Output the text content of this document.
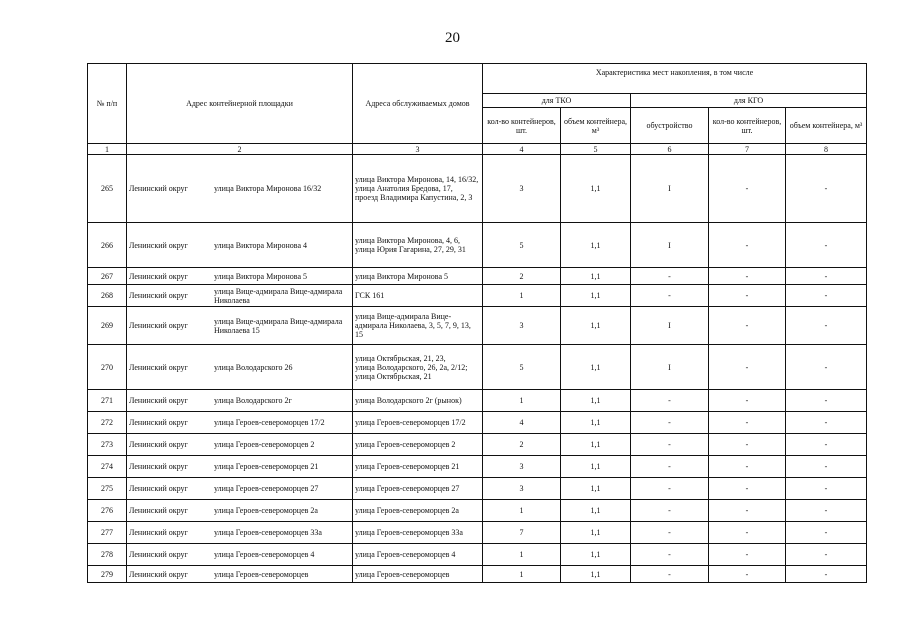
20
№ п/п	Адрес контейнерной площадки	Адреса обслуживаемых домов	Характеристика мест накопления, в том числе				
			для ТКО		для КГО		
			кол-во контейнеров, шт.	объем контейнера, м³	обустройство	кол-во контейнеров, шт.	объем контейнера, м³
1	2	3	4	5	6	7	8
265	Ленинский округ улица Виктора Миронова 16/32	улица Виктора Миронова, 14, 16/32,
улица Анатолия Бредова, 17,
проезд Владимира Капустина, 2, 3	3	1,1	I	-	-
266	Ленинский округ улица Виктора Миронова 4	улица Виктора Миронова, 4, 6,
улица Юрия Гагарина, 27, 29, 31	5	1,1	I	-	-
267	Ленинский округ улица Виктора Миронова 5	улица Виктора Миронова 5	2	1,1	-	-	-
268	Ленинский округ улица Вице-адмирала Вице-адмирала Николаева	ГСК 161	1	1,1	-	-	-
269	Ленинский округ улица Вице-адмирала Вице-адмирала Николаева 15	улица Вице-адмирала Вице-адмирала Николаева, 3, 5, 7, 9, 13, 15	3	1,1	I	-	-
270	Ленинский округ улица Володарского 26	улица Октябрьская, 21, 23,
улица Володарского, 26, 2а, 2/12; улица Октябрьская, 21	5	1,1	I	-	-
271	Ленинский округ улица Володарского 2г	улица Володарского 2г (рынок)	1	1,1	-	-	-
272	Ленинский округ улица Героев-североморцев 17/2	улица Героев-североморцев 17/2	4	1,1	-	-	-
273	Ленинский округ улица Героев-североморцев 2	улица Героев-североморцев 2	2	1,1	-	-	-
274	Ленинский округ улица Героев-североморцев 21	улица Героев-североморцев 21	3	1,1	-	-	-
275	Ленинский округ улица Героев-североморцев 27	улица Героев-североморцев 27	3	1,1	-	-	-
276	Ленинский округ улица Героев-североморцев 2а	улица Героев-североморцев 2а	1	1,1	-	-	-
277	Ленинский округ улица Героев-североморцев 33а	улица Героев-североморцев 33а	7	1,1	-	-	-
278	Ленинский округ улица Героев-североморцев 4	улица Героев-североморцев 4	1	1,1	-	-	-
279	Ленинский округ улица Героев-североморцев	улица Героев-североморцев	1	1,1	-	-	-
